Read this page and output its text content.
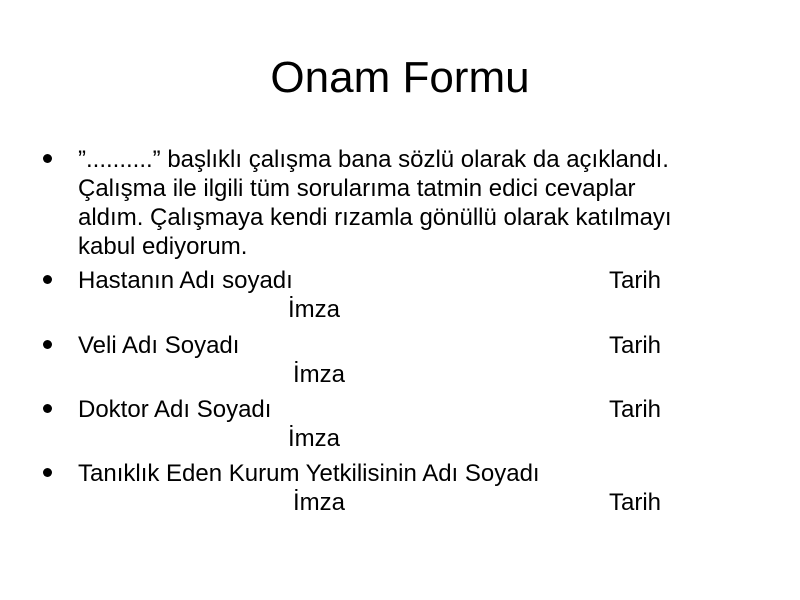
Onam Formu
”..........” başlıklı çalışma bana sözlü olarak da açıklandı.
Çalışma ile ilgili tüm sorularıma tatmin edici cevaplar
aldım. Çalışmaya kendi rızamla gönüllü olarak katılmayı
kabul ediyorum.
Hastanın Adı soyadı	Tarih
İmza
Veli Adı Soyadı	Tarih
İmza
Doktor Adı Soyadı	Tarih
İmza
Tanıklık Eden Kurum Yetkilisinin Adı Soyadı
İmza	Tarih
